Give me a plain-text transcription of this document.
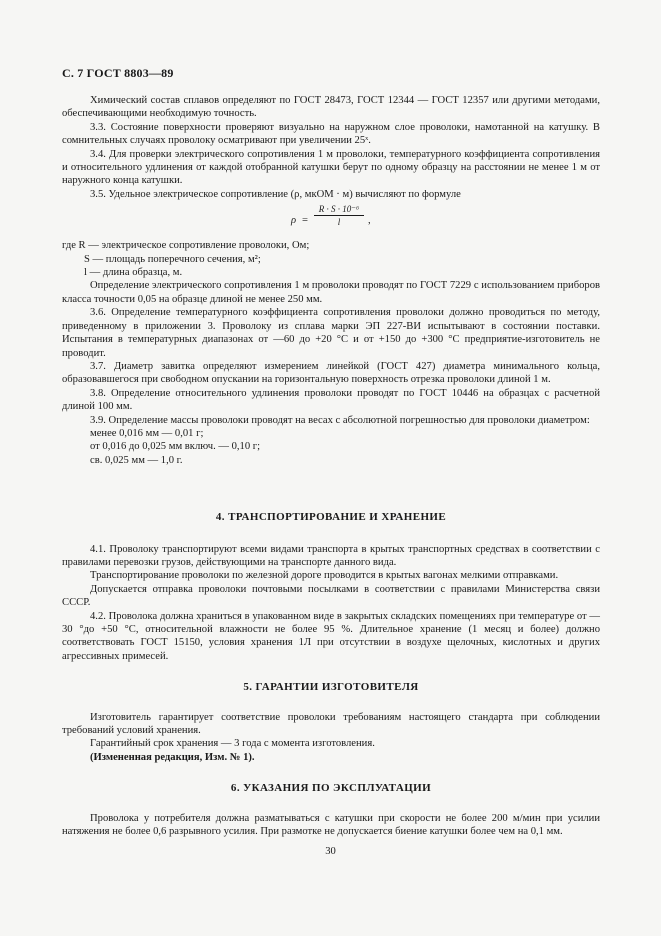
С. 7 ГОСТ 8803—89

Химический состав сплавов определяют по ГОСТ 28473, ГОСТ 12344 — ГОСТ 12357 или другими методами, обеспечивающими необходимую точность.

3.3. Состояние поверхности проверяют визуально на наружном слое проволоки, намотанной на катушку. В сомнительных случаях проволоку осматривают при увеличении 25ˣ.

3.4. Для проверки электрического сопротивления 1 м проволоки, температурного коэффициента сопротивления и относительного удлинения от каждой отобранной катушки берут по одному образцу на расстоянии не менее 1 м от наружного конца катушки.

3.5. Удельное электрическое сопротивление (ρ, мкОМ · м) вычисляют по формуле

$\rho = \frac{\text{R · S · 10⁻⁶}}{l}$ ,

где R — электрическое сопротивление проволоки, Ом;

S — площадь поперечного сечения, м²;

l — длина образца, м.

Определение электрического сопротивления 1 м проволоки проводят по ГОСТ 7229 с использованием приборов класса точности 0,05 на образце длиной не менее 250 мм.

3.6. Определение температурного коэффициента сопротивления проволоки должно проводиться по методу, приведенному в приложении 3. Проволоку из сплава марки ЭП 227-ВИ испытывают в состоянии поставки. Испытания в температурных диапазонах от —60 до +20 °С и от +150 до +300 °С предприятие-изготовитель не проводит.

3.7. Диаметр завитка определяют измерением линейкой (ГОСТ 427) диаметра минимального кольца, образовавшегося при свободном опускании на горизонтальную поверхность отрезка проволоки длиной 1 м.

3.8. Определение относительного удлинения проволоки проводят по ГОСТ 10446 на образцах с расчетной длиной 100 мм.

3.9. Определение массы проволоки проводят на весах с абсолютной погрешностью для проволоки диаметром:

менее 0,016 мм — 0,01 г;

от 0,016 до 0,025 мм включ. — 0,10 г;

св. 0,025 мм — 1,0 г.

4. ТРАНСПОРТИРОВАНИЕ И ХРАНЕНИЕ

4.1. Проволоку транспортируют всеми видами транспорта в крытых транспортных средствах в соответствии с правилами перевозки грузов, действующими на транспорте данного вида.

Транспортирование проволоки по железной дороге проводится в крытых вагонах мелкими отправками.

Допускается отправка проволоки почтовыми посылками в соответствии с правилами Министерства связи СССР.

4.2. Проволока должна храниться в упакованном виде в закрытых складских помещениях при температуре от —30 °до +50 °С, относительной влажности не более 95 %. Длительное хранение (1 месяц и более) должно соответствовать ГОСТ 15150, условия хранения 1Л при отсутствии в воздухе щелочных, кислотных и других агрессивных примесей.

5. ГАРАНТИИ ИЗГОТОВИТЕЛЯ

Изготовитель гарантирует соответствие проволоки требованиям настоящего стандарта при соблюдении требований условий хранения.

Гарантийный срок хранения — 3 года с момента изготовления.

(Измененная редакция, Изм. № 1).

6. УКАЗАНИЯ ПО ЭКСПЛУАТАЦИИ

Проволока у потребителя должна разматываться с катушки при скорости не более 200 м/мин при усилии натяжения не более 0,6 разрывного усилия. При размотке не допускается биение катушки более чем на 0,1 мм.

30
